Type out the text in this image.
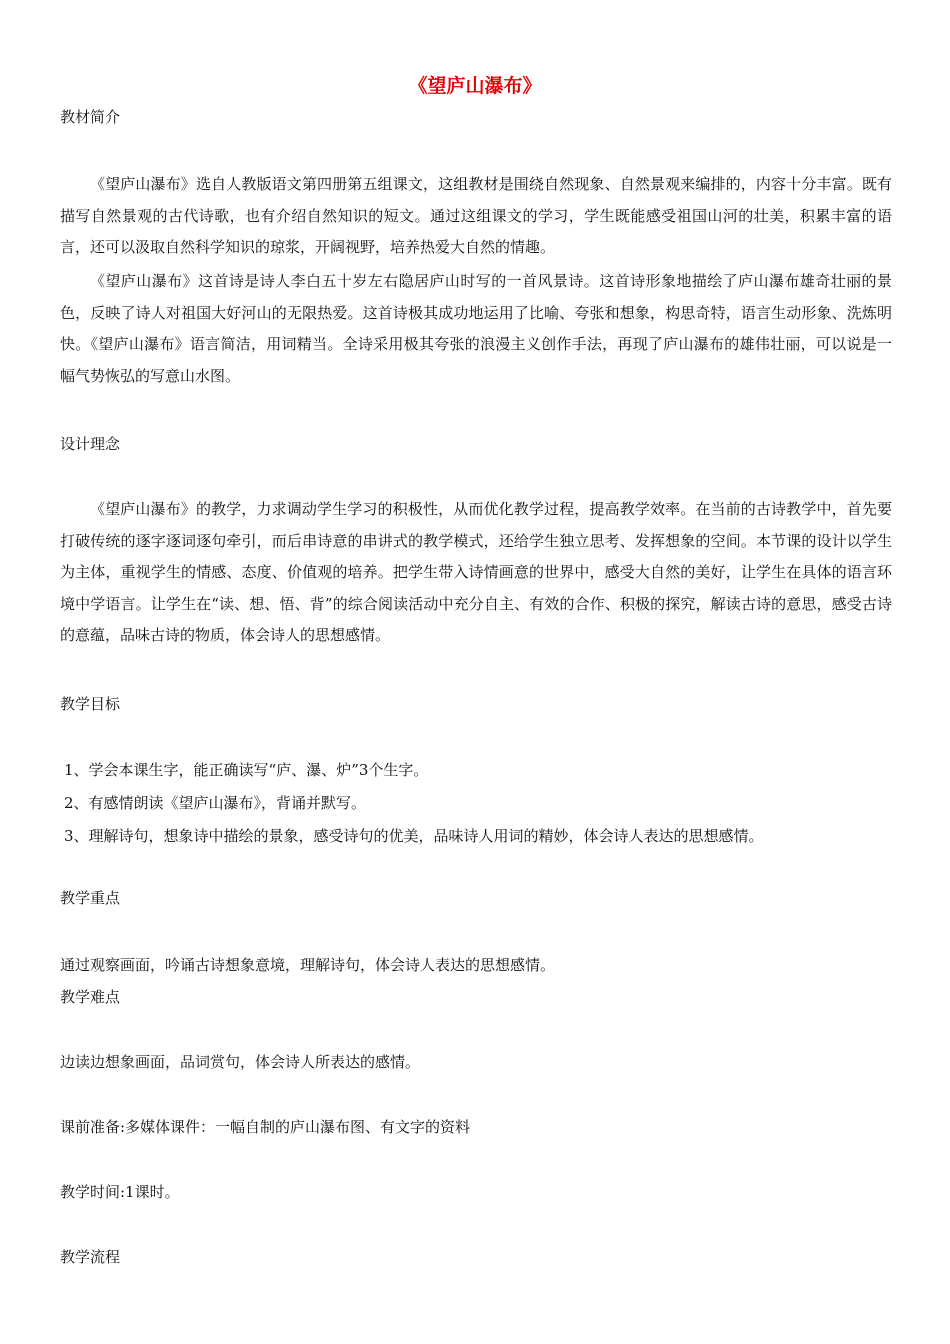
《望庐山瀑布》
教材简介

《望庐山瀑布》选自人教版语文第四册第五组课文，这组教材是围绕自然现象、自然景观来编排的，内容十分丰富。既有描写自然景观的古代诗歌，也有介绍自然知识的短文。通过这组课文的学习，学生既能感受祖国山河的壮美，积累丰富的语言，还可以汲取自然科学知识的琼浆，开阔视野，培养热爱大自然的情趣。

《望庐山瀑布》这首诗是诗人李白五十岁左右隐居庐山时写的一首风景诗。这首诗形象地描绘了庐山瀑布雄奇壮丽的景色，反映了诗人对祖国大好河山的无限热爱。这首诗极其成功地运用了比喻、夸张和想象，构思奇特，语言生动形象、洗炼明快。《望庐山瀑布》语言简洁，用词精当。全诗采用极其夸张的浪漫主义创作手法，再现了庐山瀑布的雄伟壮丽，可以说是一幅气势恢弘的写意山水图。

设计理念

《望庐山瀑布》的教学，力求调动学生学习的积极性，从而优化教学过程，提高教学效率。在当前的古诗教学中，首先要打破传统的逐字逐词逐句牵引，而后串诗意的串讲式的教学模式，还给学生独立思考、发挥想象的空间。本节课的设计以学生为主体，重视学生的情感、态度、价值观的培养。把学生带入诗情画意的世界中，感受大自然的美好，让学生在具体的语言环境中学语言。让学生在“读、想、悟、背”的综合阅读活动中充分自主、有效的合作、积极的探究，解读古诗的意思，感受古诗的意蕴，品味古诗的物质，体会诗人的思想感情。

教学目标
1、学会本课生字，能正确读写“庐、瀑、炉”3个生字。
2、有感情朗读《望庐山瀑布》，背诵并默写。
3、理解诗句，想象诗中描绘的景象，感受诗句的优美，品味诗人用词的精妙，体会诗人表达的思想感情。
教学重点
通过观察画面，吟诵古诗想象意境，理解诗句，体会诗人表达的思想感情。
教学难点
边读边想象画面，品词赏句，体会诗人所表达的感情。
课前准备:多媒体课件：一幅自制的庐山瀑布图、有文字的资料
教学时间:1课时。
教学流程
